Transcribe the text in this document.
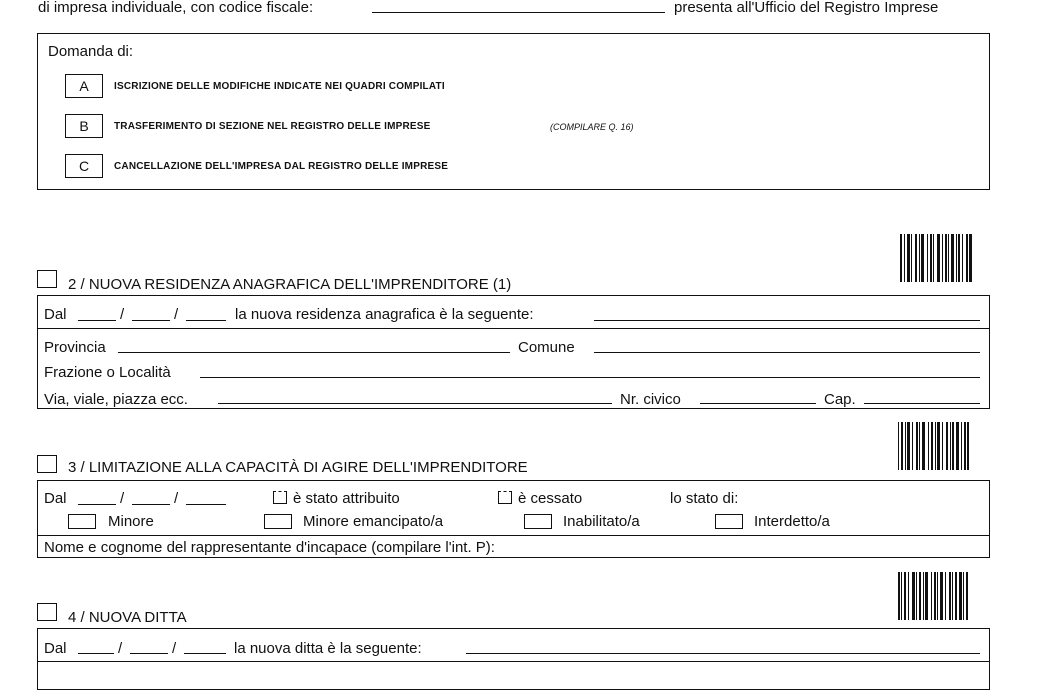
di impresa individuale, con codice fiscale:	presenta all'Ufficio del Registro Imprese
Domanda di:
A	ISCRIZIONE DELLE MODIFICHE INDICATE NEI QUADRI COMPILATI
B	TRASFERIMENTO DI SEZIONE NEL REGISTRO DELLE IMPRESE	(COMPILARE Q. 16)
C	CANCELLAZIONE DELL'IMPRESA DAL REGISTRO DELLE IMPRESE
2 / NUOVA RESIDENZA ANAGRAFICA DELL'IMPRENDITORE (1)
Dal	/	/	la nuova residenza anagrafica è la seguente:
Provincia	Comune
Frazione o Località
Via, viale, piazza ecc.	Nr. civico	Cap.
3 / LIMITAZIONE ALLA CAPACITÀ DI AGIRE DELL'IMPRENDITORE
Dal	/	/	è stato attribuito	è cessato	lo stato di:
Minore	Minore emancipato/a	Inabilitato/a	Interdetto/a
Nome e cognome del rappresentante d'incapace (compilare l'int. P):
4 / NUOVA DITTA
Dal	/	/	la nuova ditta è la seguente:
